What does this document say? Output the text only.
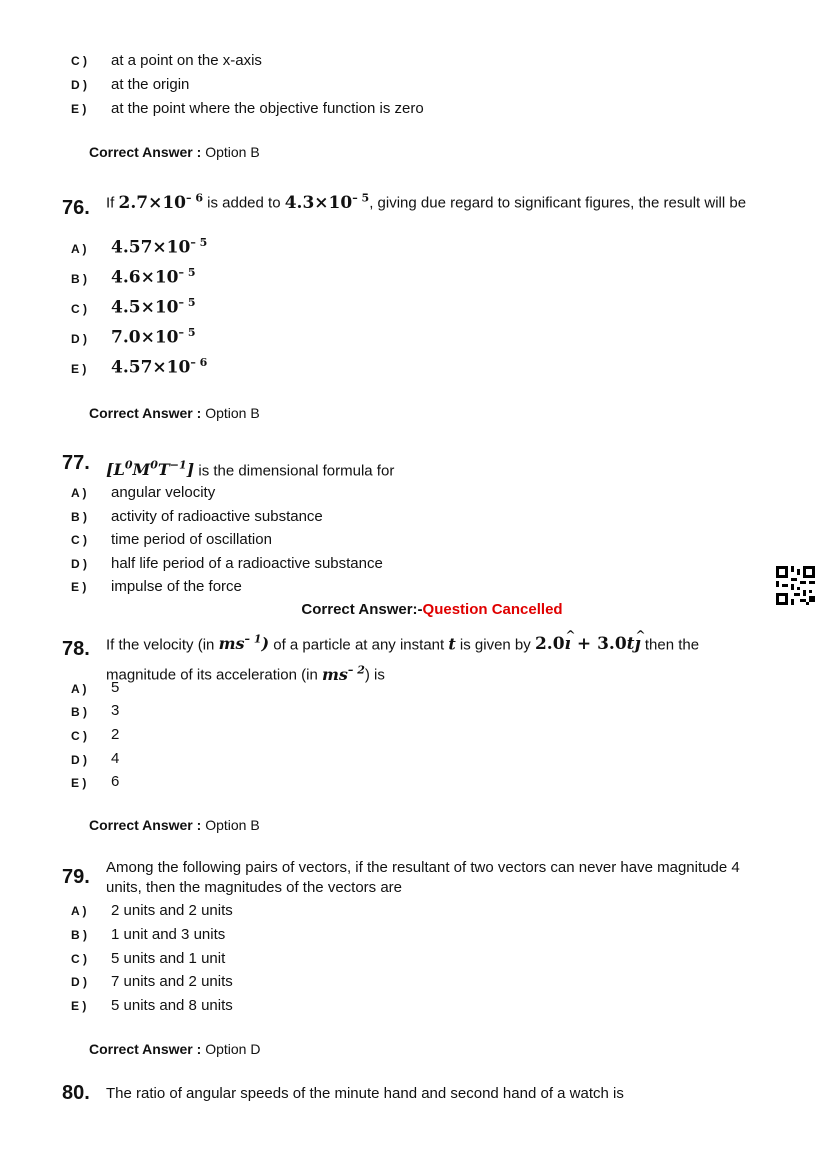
C ) at a point on the x-axis
D ) at the origin
E ) at the point where the objective function is zero
Correct Answer : Option B
76. If $2.7\times 10^{- 6}$ is added to $4.3\times 10^{- 5}$, giving due regard to significant figures, the result will be
A ) $4.57\times 10^{- 5}$
B ) $4.6\times 10^{- 5}$
C ) $4.5\times 10^{- 5}$
D ) $7.0\times 10^{- 5}$
E ) $4.57\times 10^{- 6}$
Correct Answer : Option B
77. $[L^0M^0T^{-1}]$ is the dimensional formula for
A ) angular velocity
B ) activity of radioactive substance
C ) time period of oscillation
D ) half life period of a radioactive substance
E ) impulse of the force
Correct Answer:-Question Cancelled
78. If the velocity (in $ms^{- 1}$) of a particle at any instant t is given by 2.0^ ı + 3.0t^ ȷ then the
magnitude of its acceleration (in $ms^{- 2}$) is
A ) 5
B ) 3
C ) 2
D ) 4
E ) 6
Correct Answer : Option B
79. Among the following pairs of vectors, if the resultant of two vectors can never have magnitude 4 units, then the magnitudes of the vectors are
A ) 2 units and 2 units
B ) 1 unit and 3 units
C ) 5 units and 1 unit
D ) 7 units and 2 units
E ) 5 units and 8 units
Correct Answer : Option D
80. The ratio of angular speeds of the minute hand and second hand of a watch is
